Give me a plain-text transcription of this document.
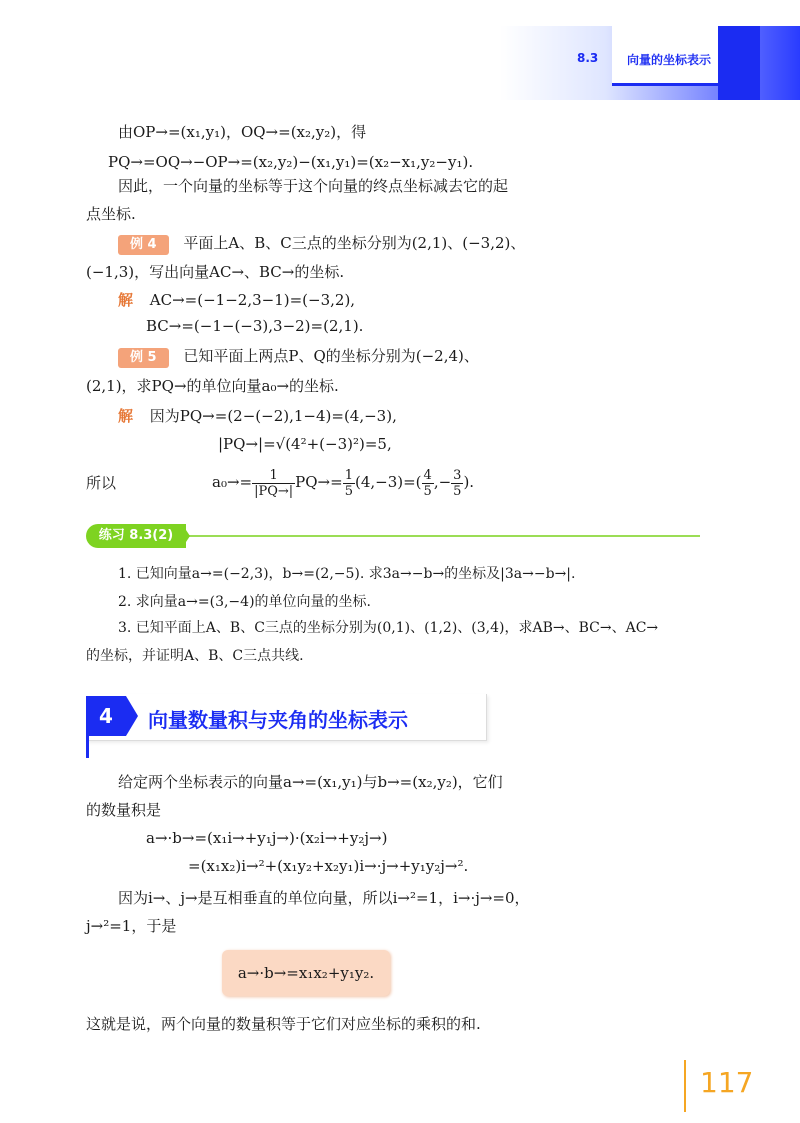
8.3 向量的坐标表示
由OP→=(x₁,y₁)，OQ→=(x₂,y₂)，得
PQ→=OQ→−OP→=(x₂,y₂)−(x₁,y₁)=(x₂−x₁,y₂−y₁).
因此，一个向量的坐标等于这个向量的终点坐标减去它的起
点坐标.
例 4 平面上A、B、C三点的坐标分别为(2,1)、(−3,2)、
(−1,3)，写出向量AC→、BC→的坐标.
解 AC→=(−1−2,3−1)=(−3,2),
BC→=(−1−(−3),3−2)=(2,1).
例 5 已知平面上两点P、Q的坐标分别为(−2,4)、
(2,1)，求PQ→的单位向量a₀→的坐标.
解 因为PQ→=(2−(−2),1−4)=(4,−3),
|PQ→|=√(4²+(−3)²)=5,
所以	$a_0\to= \frac{1}{|PQ\to|} PQ\to= \frac{1}{5} (4,-3)=( \frac{4}{5}$ ,− $\frac{3}{5}$ ).
练习 8.3(2)
1. 已知向量a→=(−2,3)，b→=(2,−5). 求3a→−b→的坐标及|3a→−b→|.
2. 求向量a→=(3,−4)的单位向量的坐标.
3. 已知平面上A、B、C三点的坐标分别为(0,1)、(1,2)、(3,4)，求AB→、BC→、AC→
的坐标，并证明A、B、C三点共线.
4	向量数量积与夹角的坐标表示
给定两个坐标表示的向量a→=(x₁,y₁)与b→=(x₂,y₂)，它们
的数量积是
a→·b→=(x₁i→+y₁j→)·(x₂i→+y₂j→)
=(x₁x₂)i→²+(x₁y₂+x₂y₁)i→·j→+y₁y₂j→².
因为i→、j→是互相垂直的单位向量，所以i→²=1，i→·j→=0，
j→²=1，于是
a→·b→=x₁x₂+y₁y₂.
这就是说，两个向量的数量积等于它们对应坐标的乘积的和.
117
